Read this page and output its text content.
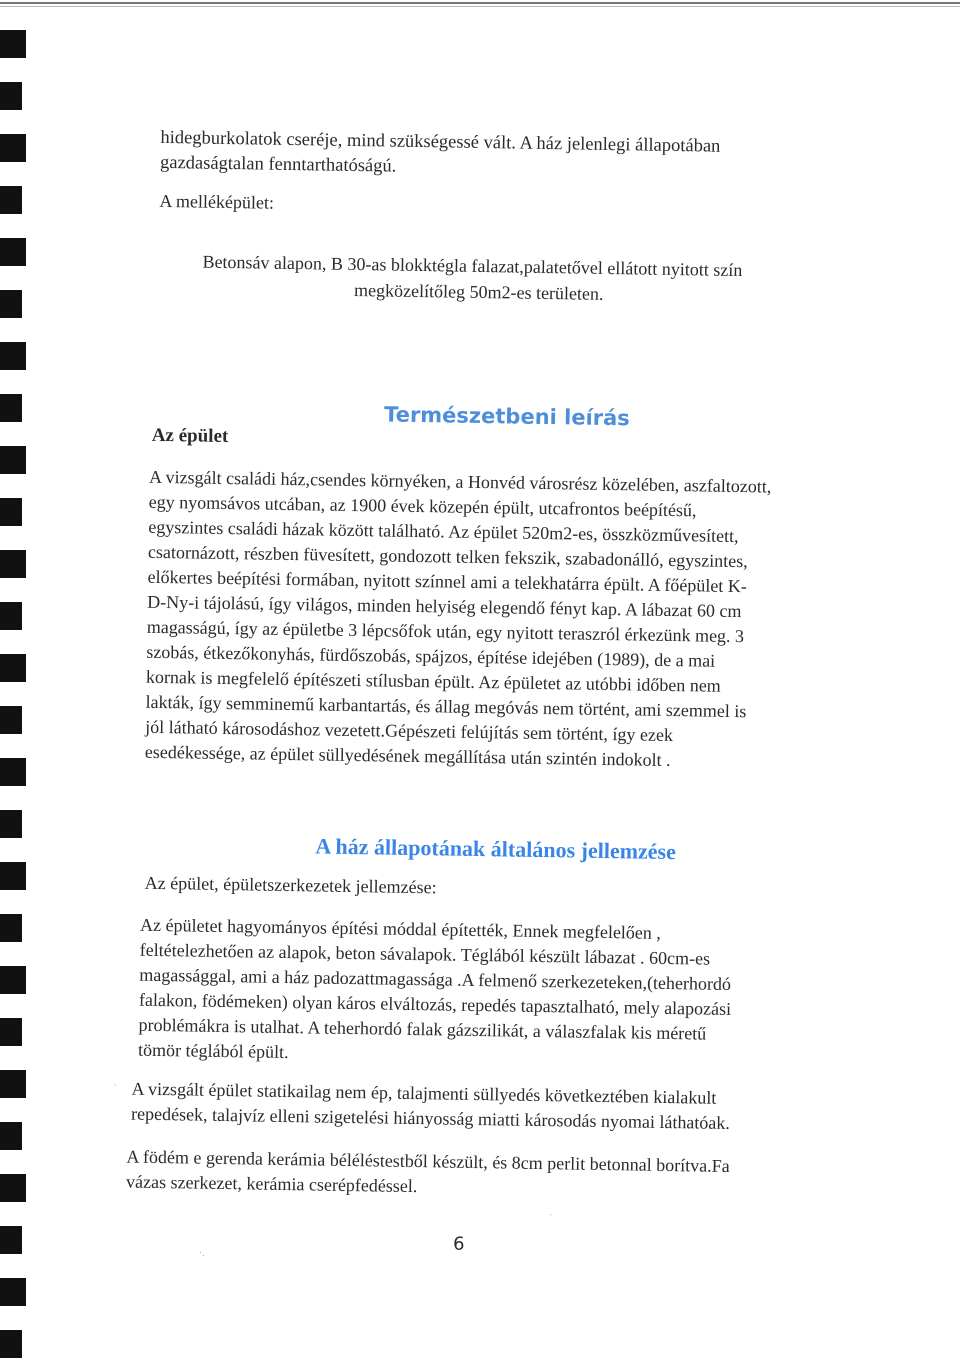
hidegburkolatok cseréje, mind szükségessé vált. A ház jelenlegi állapotában
gazdaságtalan fenntarthatóságú.
A melléképület:
Betonsáv alapon, B 30-as blokktégla falazat,palatetővel ellátott nyitott szín
megközelítőleg 50m2-es területen.
Az épület
Természetbeni leírás
A vizsgált családi ház,csendes környéken, a Honvéd városrész közelében, aszfaltozott,
egy nyomsávos utcában, az 1900 évek közepén épült, utcafrontos beépítésű,
egyszintes családi házak között található. Az épület 520m2-es, összközművesített,
csatornázott, részben füvesített, gondozott telken fekszik, szabadonálló, egyszintes,
előkertes beépítési formában, nyitott színnel ami a telekhatárra épült. A főépület K-
D-Ny-i tájolású, így világos, minden helyiség elegendő fényt kap. A lábazat 60 cm
magasságú, így az épületbe 3 lépcsőfok után, egy nyitott teraszról érkezünk meg. 3
szobás, étkezőkonyhás, fürdőszobás, spájzos, építése idejében (1989), de a mai
kornak is megfelelő építészeti stílusban épült. Az épületet az utóbbi időben nem
lakták, így semminemű karbantartás, és állag megóvás nem történt, ami szemmel is
jól látható károsodáshoz vezetett.Gépészeti felújítás sem történt, így ezek
esedékessége, az épület süllyedésének megállítása után szintén indokolt .
A ház állapotának általános jellemzése
Az épület, épületszerkezetek jellemzése:
Az épületet hagyományos építési móddal építették, Ennek megfelelően ,
feltételezhetően az alapok, beton sávalapok. Téglából készült lábazat . 60cm-es
magassággal, ami a ház padozattmagassága .A felmenő szerkezeteken,(teherhordó
falakon, födémeken) olyan káros elváltozás, repedés tapasztalható, mely alapozási
problémákra is utalhat. A teherhordó falak gázszilikát, a válaszfalak kis méretű
tömör téglából épült.
A vizsgált épület statikailag nem ép, talajmenti süllyedés következtében kialakult
repedések, talajvíz elleni szigetelési hiányosság miatti károsodás nyomai láthatóak.
A födém e gerenda kerámia béléléstestből készült, és 8cm perlit betonnal borítva.Fa
vázas szerkezet, kerámia cserépfedéssel.
6
·.
·
.
